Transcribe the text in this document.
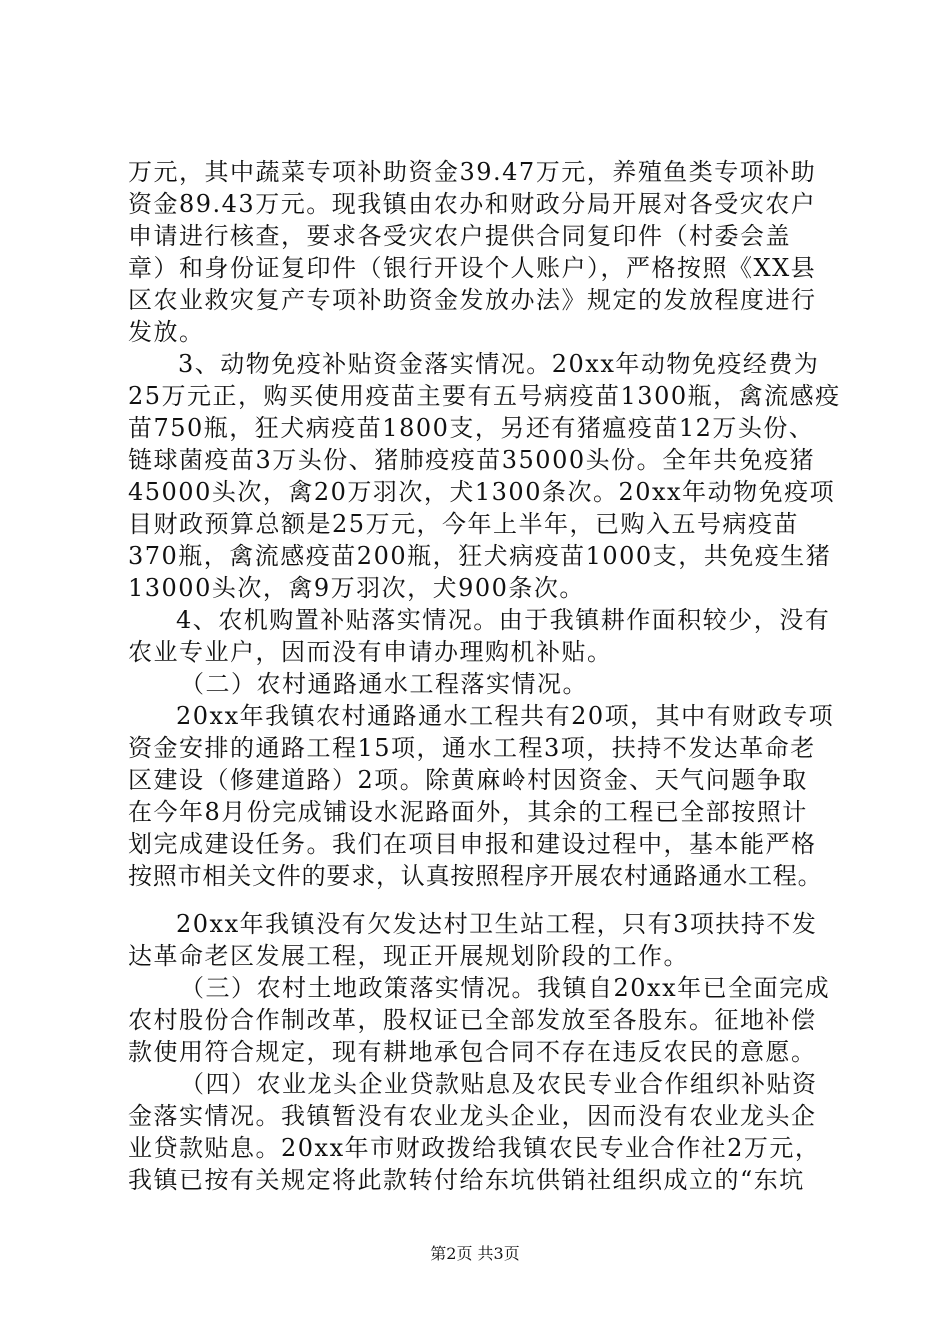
万元，其中蔬菜专项补助资金39.47万元，养殖鱼类专项补助
资金89.43万元。现我镇由农办和财政分局开展对各受灾农户
申请进行核查，要求各受灾农户提供合同复印件（村委会盖
章）和身份证复印件（银行开设个人账户），严格按照《XX县
区农业救灾复产专项补助资金发放办法》规定的发放程度进行
发放。
3、动物免疫补贴资金落实情况。20xx年动物免疫经费为
25万元正，购买使用疫苗主要有五号病疫苗1300瓶，禽流感疫
苗750瓶，狂犬病疫苗1800支，另还有猪瘟疫苗12万头份、
链球菌疫苗3万头份、猪肺疫疫苗35000头份。全年共免疫猪
45000头次，禽20万羽次，犬1300条次。20xx年动物免疫项
目财政预算总额是25万元，今年上半年，已购入五号病疫苗
370瓶，禽流感疫苗200瓶，狂犬病疫苗1000支，共免疫生猪
13000头次，禽9万羽次，犬900条次。
4、农机购置补贴落实情况。由于我镇耕作面积较少，没有
农业专业户，因而没有申请办理购机补贴。
（二）农村通路通水工程落实情况。
20xx年我镇农村通路通水工程共有20项，其中有财政专项
资金安排的通路工程15项，通水工程3项，扶持不发达革命老
区建设（修建道路）2项。除黄麻岭村因资金、天气问题争取
在今年8月份完成铺设水泥路面外，其余的工程已全部按照计
划完成建设任务。我们在项目申报和建设过程中，基本能严格
按照市相关文件的要求，认真按照程序开展农村通路通水工程。
20xx年我镇没有欠发达村卫生站工程，只有3项扶持不发
达革命老区发展工程，现正开展规划阶段的工作。
（三）农村土地政策落实情况。我镇自20xx年已全面完成
农村股份合作制改革，股权证已全部发放至各股东。征地补偿
款使用符合规定，现有耕地承包合同不存在违反农民的意愿。
（四）农业龙头企业贷款贴息及农民专业合作组织补贴资
金落实情况。我镇暂没有农业龙头企业，因而没有农业龙头企
业贷款贴息。20xx年市财政拨给我镇农民专业合作社2万元，
我镇已按有关规定将此款转付给东坑供销社组织成立的“东坑
第2页 共3页
